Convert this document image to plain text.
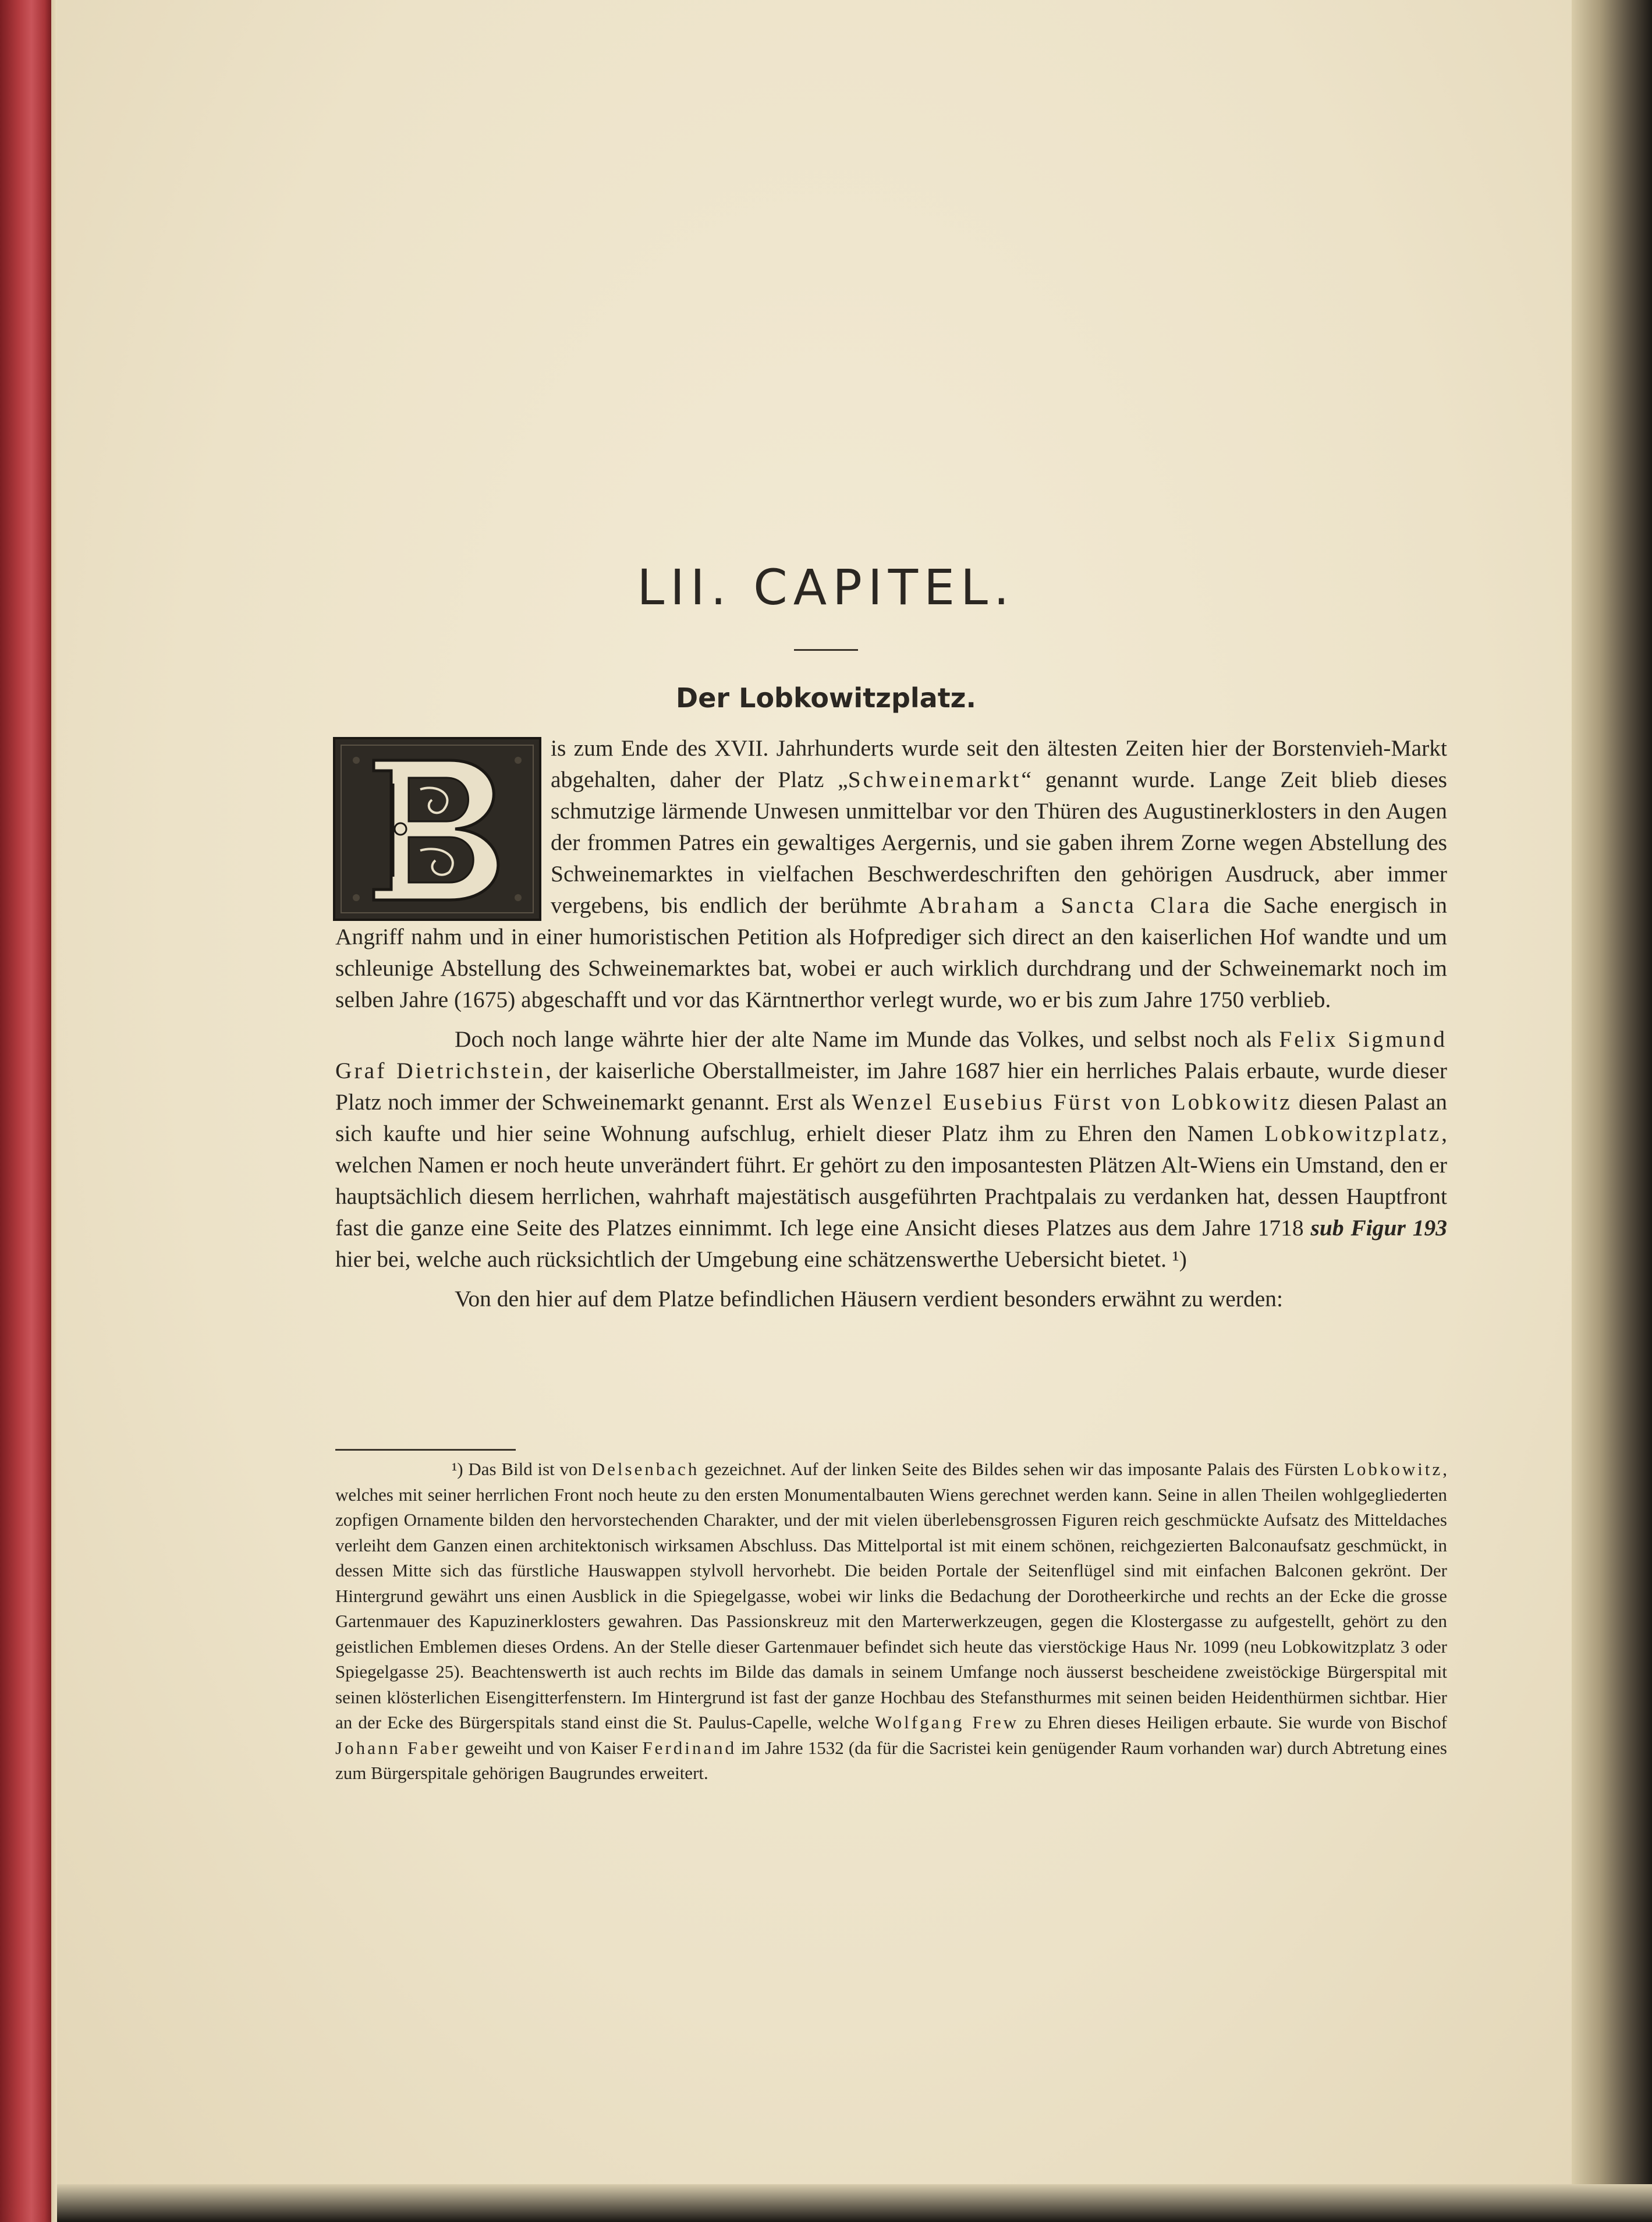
LII. CAPITEL.
Der Lobkowitzplatz.

is zum Ende des XVII. Jahrhunderts wurde seit den ältesten Zeiten hier der Borstenvieh-Markt abgehalten, daher der Platz „Schweinemarkt“ genannt wurde. Lange Zeit blieb dieses schmutzige lärmende Unwesen unmittelbar vor den Thüren des Augustinerklosters in den Augen der frommen Patres ein gewaltiges Aergernis, und sie gaben ihrem Zorne wegen Abstellung des Schweinemarktes in vielfachen Beschwerdeschriften den gehörigen Ausdruck, aber immer vergebens, bis endlich der berühmte Abraham a Sancta Clara die Sache energisch in Angriff nahm und in einer humoristischen Petition als Hofprediger sich direct an den kaiserlichen Hof wandte und um schleunige Abstellung des Schweinemarktes bat, wobei er auch wirklich durchdrang und der Schweinemarkt noch im selben Jahre (1675) abgeschafft und vor das Kärntnerthor verlegt wurde, wo er bis zum Jahre 1750 verblieb.

Doch noch lange währte hier der alte Name im Munde das Volkes, und selbst noch als Felix Sigmund Graf Dietrichstein, der kaiserliche Oberstallmeister, im Jahre 1687 hier ein herrliches Palais erbaute, wurde dieser Platz noch immer der Schweinemarkt genannt. Erst als Wenzel Eusebius Fürst von Lobkowitz diesen Palast an sich kaufte und hier seine Wohnung aufschlug, erhielt dieser Platz ihm zu Ehren den Namen Lobkowitzplatz, welchen Namen er noch heute unverändert führt. Er gehört zu den imposantesten Plätzen Alt-Wiens ein Umstand, den er hauptsächlich diesem herrlichen, wahrhaft majestätisch ausgeführten Prachtpalais zu verdanken hat, dessen Hauptfront fast die ganze eine Seite des Platzes einnimmt. Ich lege eine Ansicht dieses Platzes aus dem Jahre 1718 sub Figur 193 hier bei, welche auch rücksichtlich der Umgebung eine schätzenswerthe Uebersicht bietet. ¹)

Von den hier auf dem Platze befindlichen Häusern verdient besonders erwähnt zu werden:

¹) Das Bild ist von Delsenbach gezeichnet. Auf der linken Seite des Bildes sehen wir das imposante Palais des Fürsten Lobkowitz, welches mit seiner herrlichen Front noch heute zu den ersten Monumentalbauten Wiens gerechnet werden kann. Seine in allen Theilen wohlgegliederten zopfigen Ornamente bilden den hervorstechenden Charakter, und der mit vielen überlebensgrossen Figuren reich geschmückte Aufsatz des Mitteldaches verleiht dem Ganzen einen architektonisch wirksamen Abschluss. Das Mittelportal ist mit einem schönen, reichgezierten Balconaufsatz geschmückt, in dessen Mitte sich das fürstliche Hauswappen stylvoll hervorhebt. Die beiden Portale der Seitenflügel sind mit einfachen Balconen gekrönt. Der Hintergrund gewährt uns einen Ausblick in die Spiegelgasse, wobei wir links die Bedachung der Dorotheerkirche und rechts an der Ecke die grosse Gartenmauer des Kapuzinerklosters gewahren. Das Passionskreuz mit den Marterwerkzeugen, gegen die Klostergasse zu aufgestellt, gehört zu den geistlichen Emblemen dieses Ordens. An der Stelle dieser Gartenmauer befindet sich heute das vierstöckige Haus Nr. 1099 (neu Lobkowitzplatz 3 oder Spiegelgasse 25). Beachtenswerth ist auch rechts im Bilde das damals in seinem Umfange noch äusserst bescheidene zweistöckige Bürgerspital mit seinen klösterlichen Eisengitterfenstern. Im Hintergrund ist fast der ganze Hochbau des Stefansthurmes mit seinen beiden Heidenthürmen sichtbar. Hier an der Ecke des Bürgerspitals stand einst die St. Paulus-Capelle, welche Wolfgang Frew zu Ehren dieses Heiligen erbaute. Sie wurde von Bischof Johann Faber geweiht und von Kaiser Ferdinand im Jahre 1532 (da für die Sacristei kein genügender Raum vorhanden war) durch Abtretung eines zum Bürgerspitale gehörigen Baugrundes erweitert.
